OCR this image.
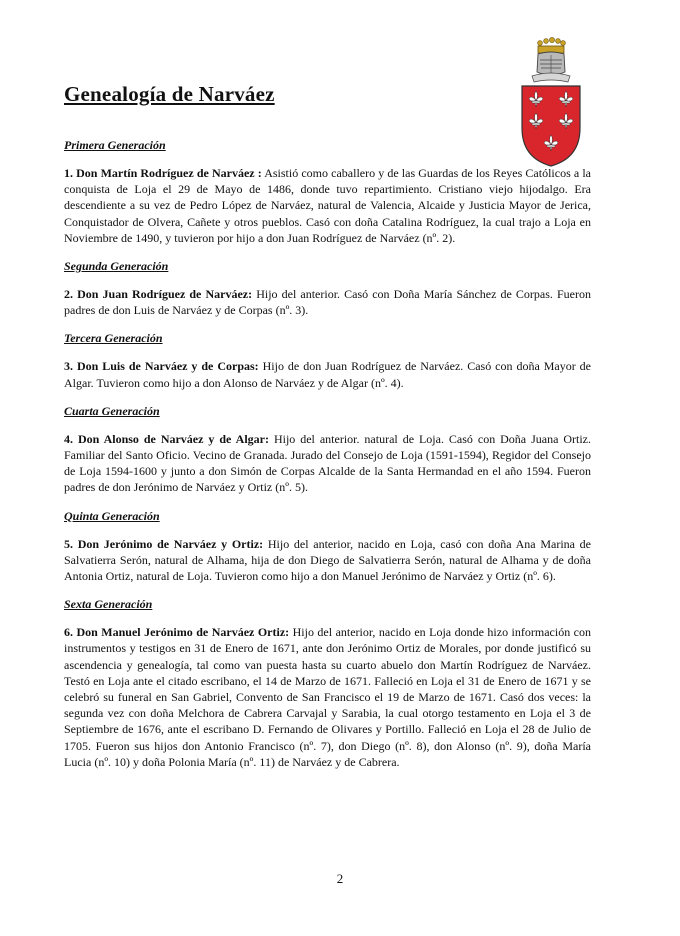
Genealogía de Narváez

Primera Generación

1. Don Martín Rodríguez de Narváez : Asistió como caballero y de las Guardas de los Reyes Católicos a la conquista de Loja el 29 de Mayo de 1486, donde tuvo repartimiento. Cristiano viejo hijodalgo. Era descendiente a su vez de Pedro López de Narváez, natural de Valencia, Alcaide y Justicia Mayor de Jerica, Conquistador de Olvera, Cañete y otros pueblos. Casó con doña Catalina Rodríguez, la cual trajo a Loja en Noviembre de 1490, y tuvieron por hijo a don Juan Rodríguez de Narváez (nº. 2).

Segunda Generación

2. Don Juan Rodríguez de Narváez: Hijo del anterior. Casó con Doña María Sánchez de Corpas. Fueron padres de don Luis de Narváez y de Corpas (nº. 3).

Tercera Generación

3. Don Luis de Narváez y de Corpas: Hijo de don Juan Rodríguez de Narváez. Casó con doña Mayor de Algar. Tuvieron como hijo a don Alonso de Narváez y de Algar (nº. 4).

Cuarta Generación

4. Don Alonso de Narváez y de Algar: Hijo del anterior. natural de Loja. Casó con Doña Juana Ortiz. Familiar del Santo Oficio. Vecino de Granada. Jurado del Consejo de Loja (1591-1594), Regidor del Consejo de Loja 1594-1600 y junto a don Simón de Corpas Alcalde de la Santa Hermandad en el año 1594. Fueron padres de don Jerónimo de Narváez y Ortiz (nº. 5).

Quinta Generación

5. Don Jerónimo de Narváez y Ortiz: Hijo del anterior, nacido en Loja, casó con doña Ana Marina de Salvatierra Serón, natural de Alhama, hija de don Diego de Salvatierra Serón, natural de Alhama y de doña Antonia Ortiz, natural de Loja. Tuvieron como hijo a don Manuel Jerónimo de Narváez y Ortiz (nº. 6).

Sexta Generación

6. Don Manuel Jerónimo de Narváez Ortiz: Hijo del anterior, nacido en Loja donde hizo información con instrumentos y testigos en 31 de Enero de 1671, ante don Jerónimo Ortiz de Morales, por donde justificó su ascendencia y genealogía, tal como van puesta hasta su cuarto abuelo don Martín Rodríguez de Narváez. Testó en Loja ante el citado escribano, el 14 de Marzo de 1671. Falleció en Loja el 31 de Enero de 1671 y se celebró su funeral en San Gabriel, Convento de San Francisco el 19 de Marzo de 1671. Casó dos veces: la segunda vez con doña Melchora de Cabrera Carvajal y Sarabia, la cual otorgo testamento en Loja el 3 de Septiembre de 1676, ante el escribano D. Fernando de Olivares y Portillo. Falleció en Loja el 28 de Julio de 1705. Fueron sus hijos don Antonio Francisco (nº. 7), don Diego (nº. 8), don Alonso (nº. 9), doña María Lucia (nº. 10) y doña Polonia María (nº. 11) de Narváez y de Cabrera.

2
